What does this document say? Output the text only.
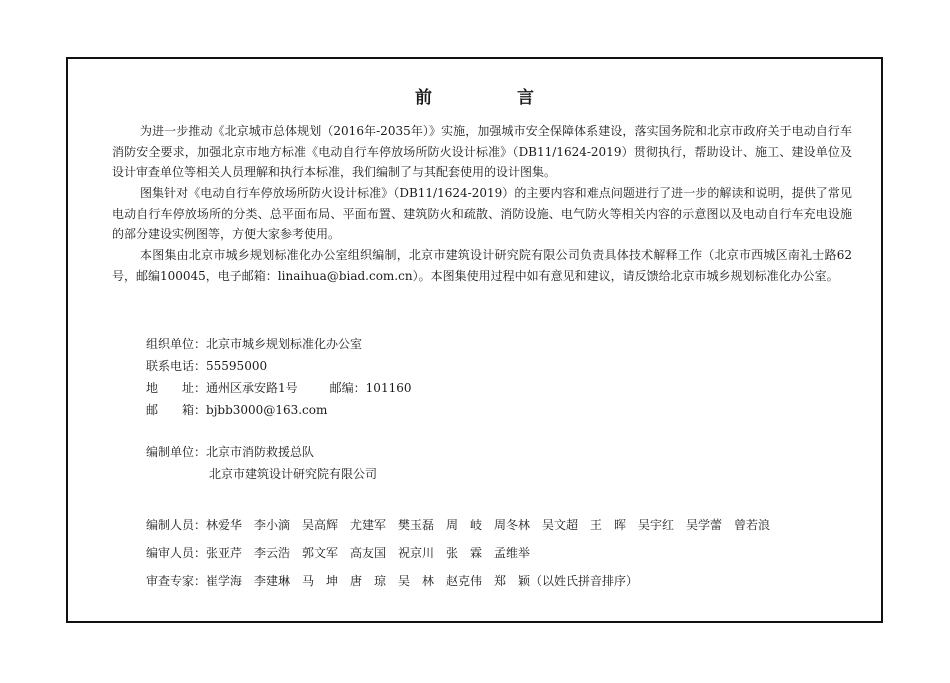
前　言

为进一步推动《北京城市总体规划（2016年-2035年）》实施，加强城市安全保障体系建设，落实国务院和北京市政府关于电动自行车消防安全要求，加强北京市地方标准《电动自行车停放场所防火设计标准》（DB11/1624-2019）贯彻执行，帮助设计、施工、建设单位及设计审查单位等相关人员理解和执行本标准，我们编制了与其配套使用的设计图集。

图集针对《电动自行车停放场所防火设计标准》（DB11/1624-2019）的主要内容和难点问题进行了进一步的解读和说明，提供了常见电动自行车停放场所的分类、总平面布局、平面布置、建筑防火和疏散、消防设施、电气防火等相关内容的示意图以及电动自行车充电设施的部分建设实例图等，方便大家参考使用。

本图集由北京市城乡规划标准化办公室组织编制，北京市建筑设计研究院有限公司负责具体技术解释工作（北京市西城区南礼士路62号，邮编100045，电子邮箱：linaihua@biad.com.cn）。本图集使用过程中如有意见和建议，请反馈给北京市城乡规划标准化办公室。

组织单位：北京市城乡规划标准化办公室
联系电话：55595000
地　　址：通州区承安路1号	邮编：101160
邮　　箱：bjbb3000@163.com
编制单位：北京市消防救援总队
北京市建筑设计研究院有限公司
编制人员：林爱华　李小滴　吴高辉　尤建军　樊玉磊　周　岐　周冬林　吴文超　王　晖　吴宇红　吴学蕾　曾若浪
编审人员：张亚芹　李云浩　郭文军　高友国　祝京川　张　霖　孟维举
审查专家：崔学海　李建琳　马　坤　唐　琼　吴　林　赵克伟　郑　颖（以姓氏拼音排序）
